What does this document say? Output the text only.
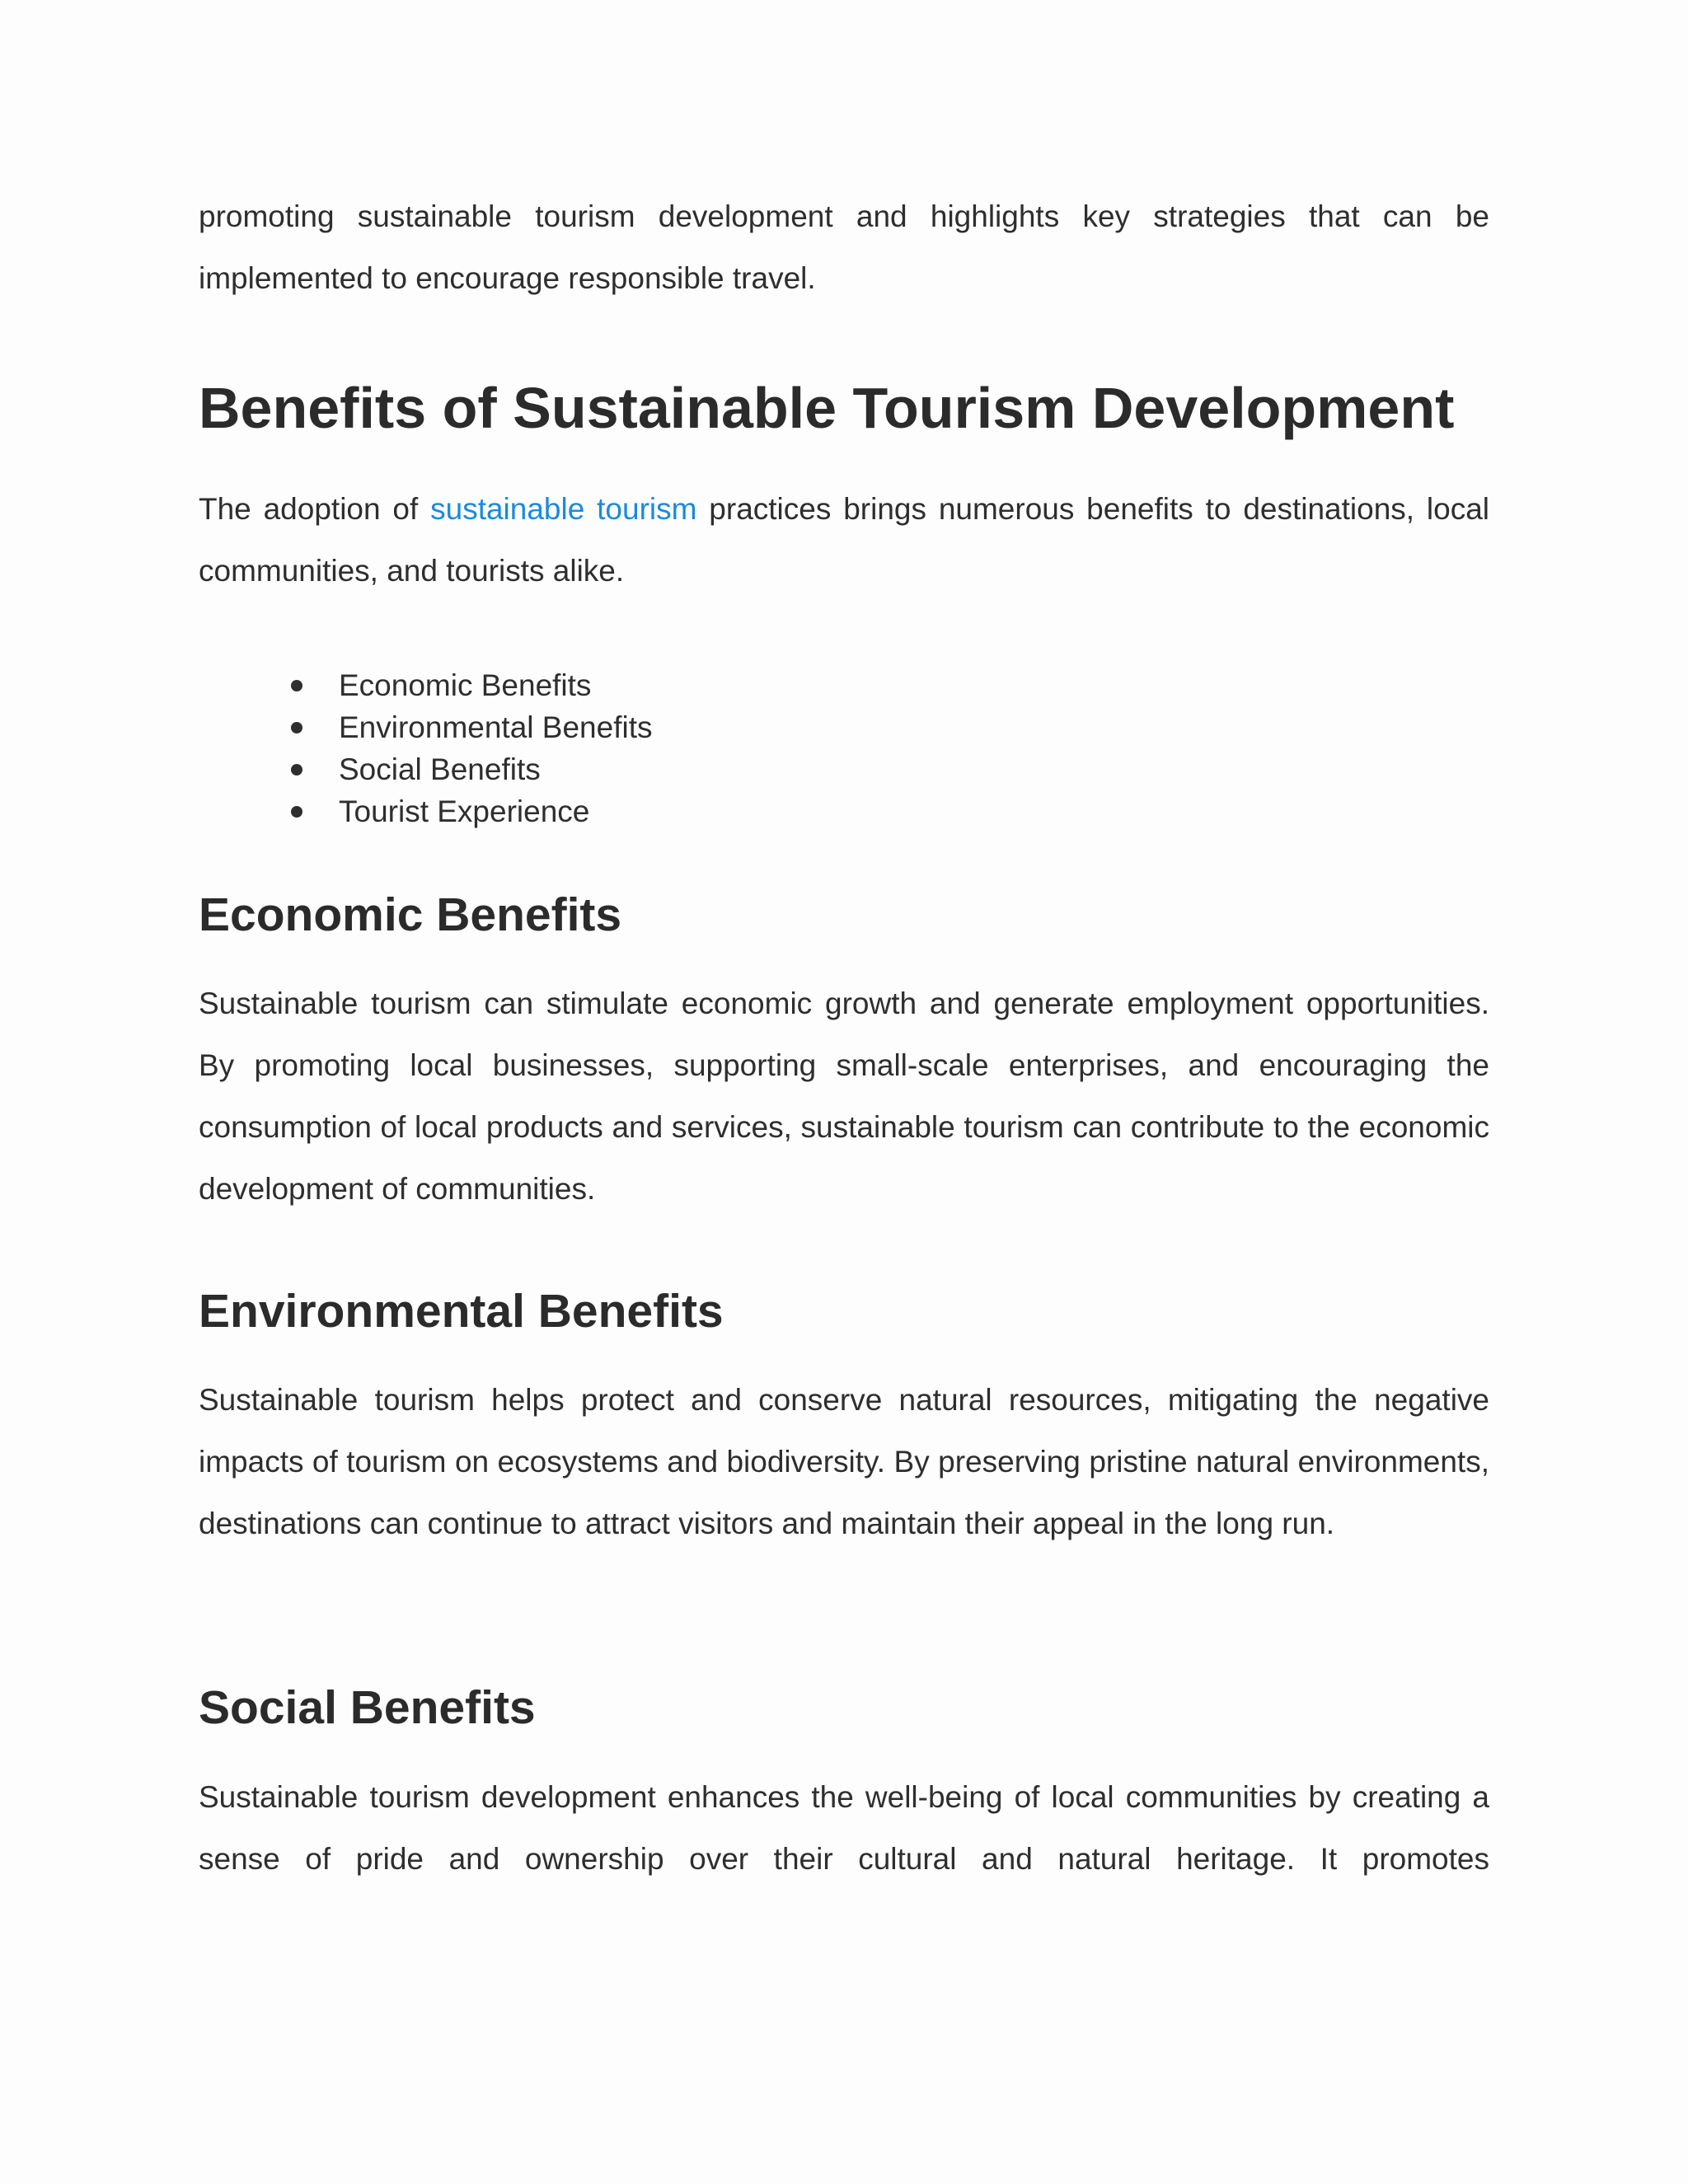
promoting sustainable tourism development and highlights key strategies that can be implemented to encourage responsible travel.

Benefits of Sustainable Tourism Development

The adoption of sustainable tourism practices brings numerous benefits to destinations, local communities, and tourists alike.

Economic Benefits
Environmental Benefits
Social Benefits
Tourist Experience
Economic Benefits

Sustainable tourism can stimulate economic growth and generate employment opportunities. By promoting local businesses, supporting small-scale enterprises, and encouraging the consumption of local products and services, sustainable tourism can contribute to the economic development of communities.

Environmental Benefits

Sustainable tourism helps protect and conserve natural resources, mitigating the negative impacts of tourism on ecosystems and biodiversity. By preserving pristine natural environments, destinations can continue to attract visitors and maintain their appeal in the long run.

Social Benefits

Sustainable tourism development enhances the well-being of local communities by creating a sense of pride and ownership over their cultural and natural heritage. It promotes
